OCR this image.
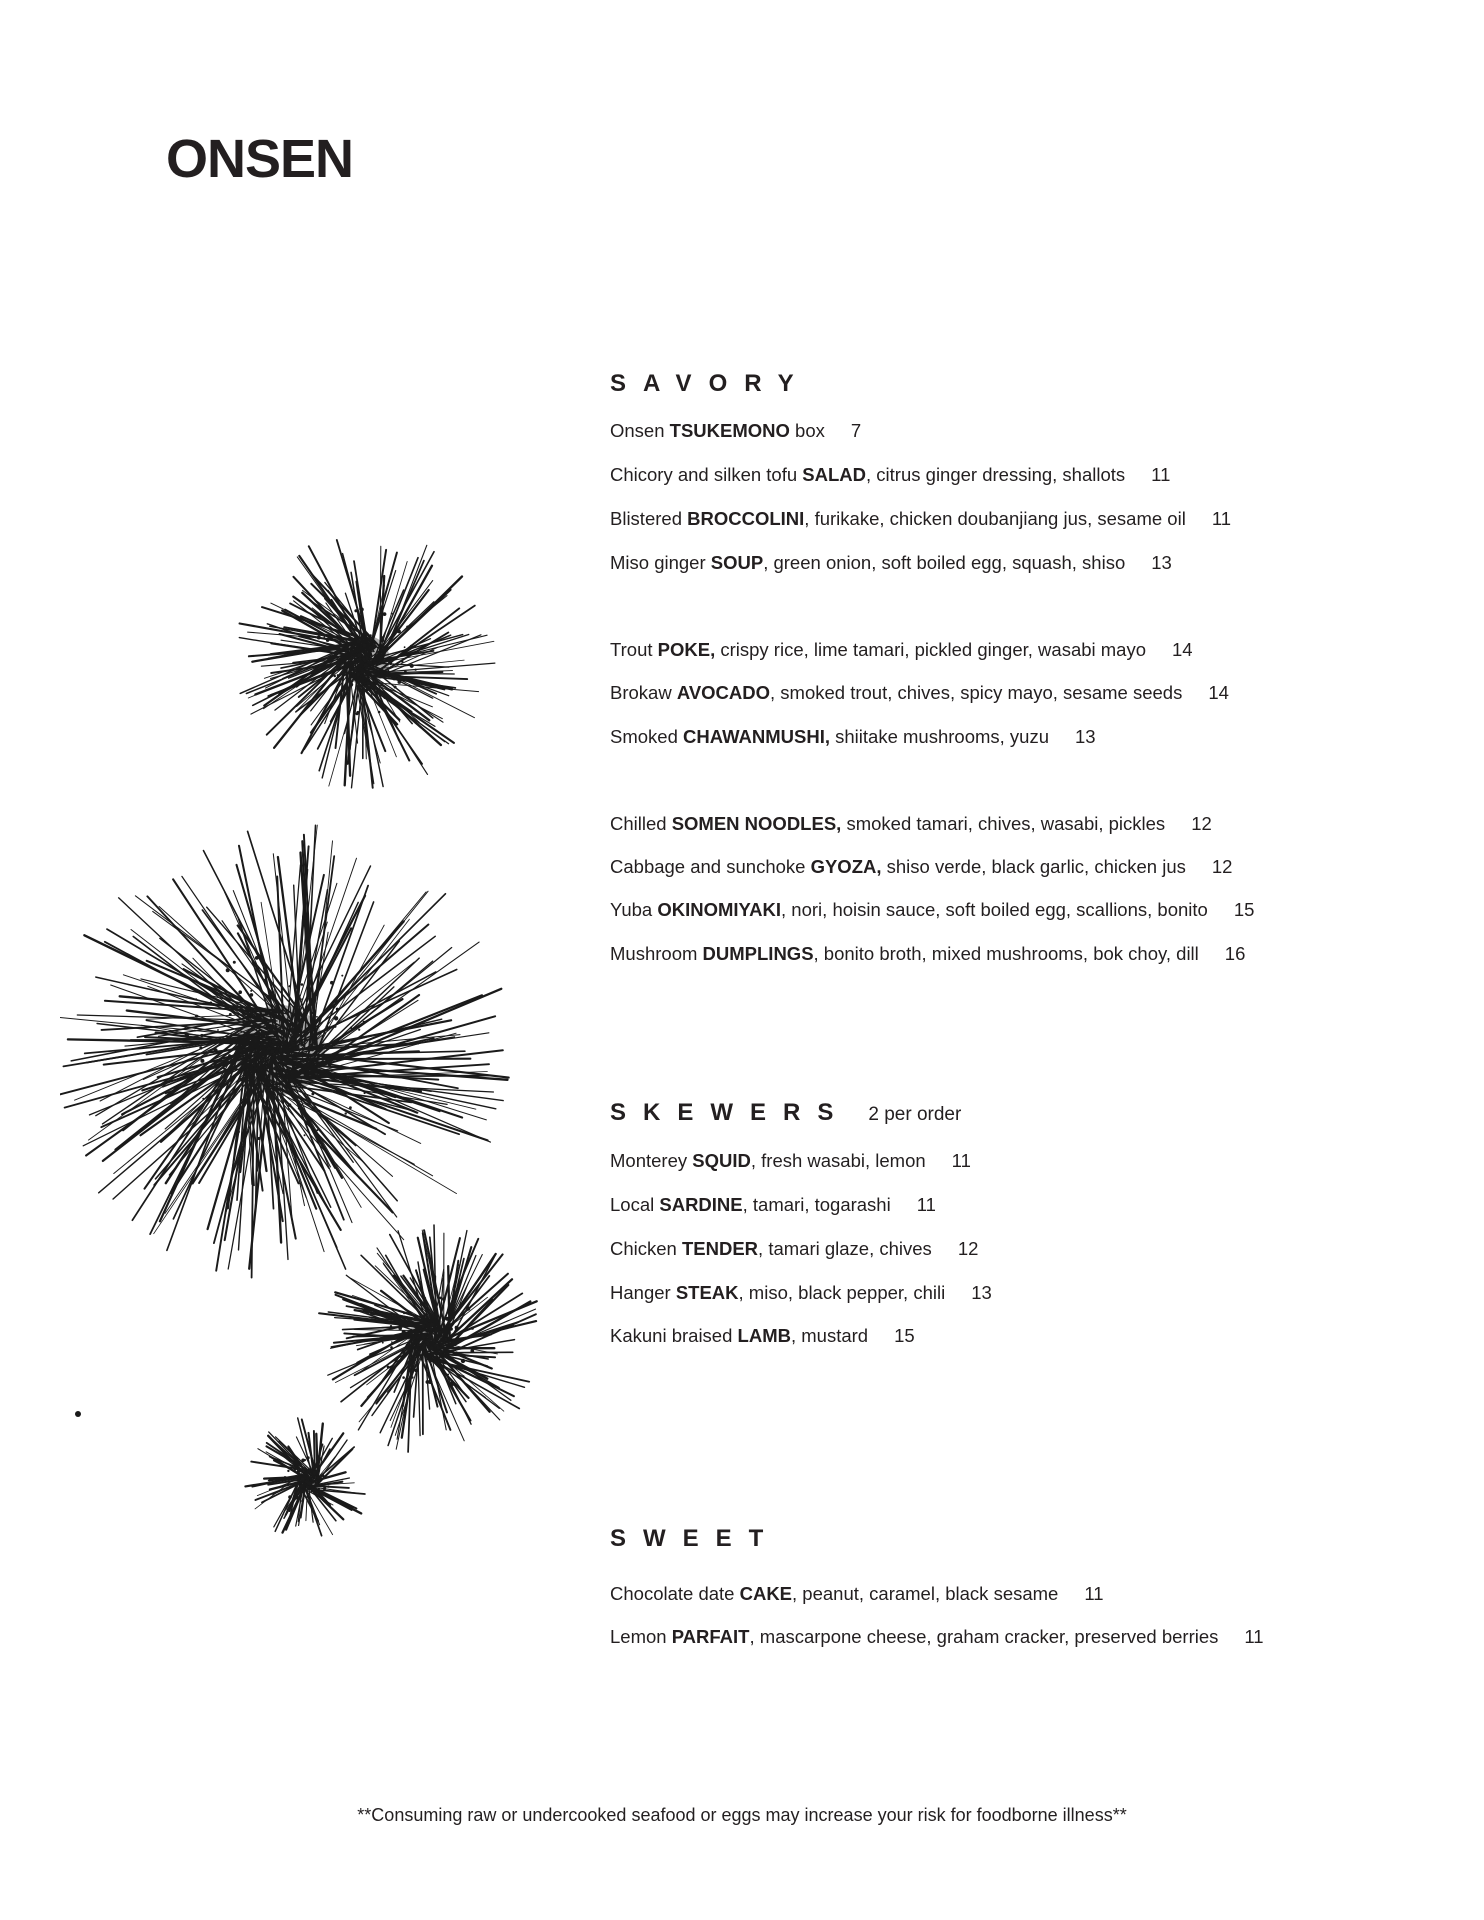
ONSEN
SAVORY
Onsen TSUKEMONO box 7
Chicory and silken tofu SALAD, citrus ginger dressing, shallots 11
Blistered BROCCOLINI, furikake, chicken doubanjiang jus, sesame oil 11
Miso ginger SOUP, green onion, soft boiled egg, squash, shiso 13
Trout POKE, crispy rice, lime tamari, pickled ginger, wasabi mayo 14
Brokaw AVOCADO, smoked trout, chives, spicy mayo, sesame seeds 14
Smoked CHAWANMUSHI, shiitake mushrooms, yuzu 13
Chilled SOMEN NOODLES, smoked tamari, chives, wasabi, pickles 12
Cabbage and sunchoke GYOZA, shiso verde, black garlic, chicken jus 12
Yuba OKINOMIYAKI, nori, hoisin sauce, soft boiled egg, scallions, bonito 15
Mushroom DUMPLINGS, bonito broth, mixed mushrooms, bok choy, dill 16
SKEWERS 2 per order
Monterey SQUID, fresh wasabi, lemon 11
Local SARDINE, tamari, togarashi 11
Chicken TENDER, tamari glaze, chives 12
Hanger STEAK, miso, black pepper, chili 13
Kakuni braised LAMB, mustard 15
SWEET
Chocolate date CAKE, peanut, caramel, black sesame 11
Lemon PARFAIT, mascarpone cheese, graham cracker, preserved berries 11
**Consuming raw or undercooked seafood or eggs may increase your risk for foodborne illness**
